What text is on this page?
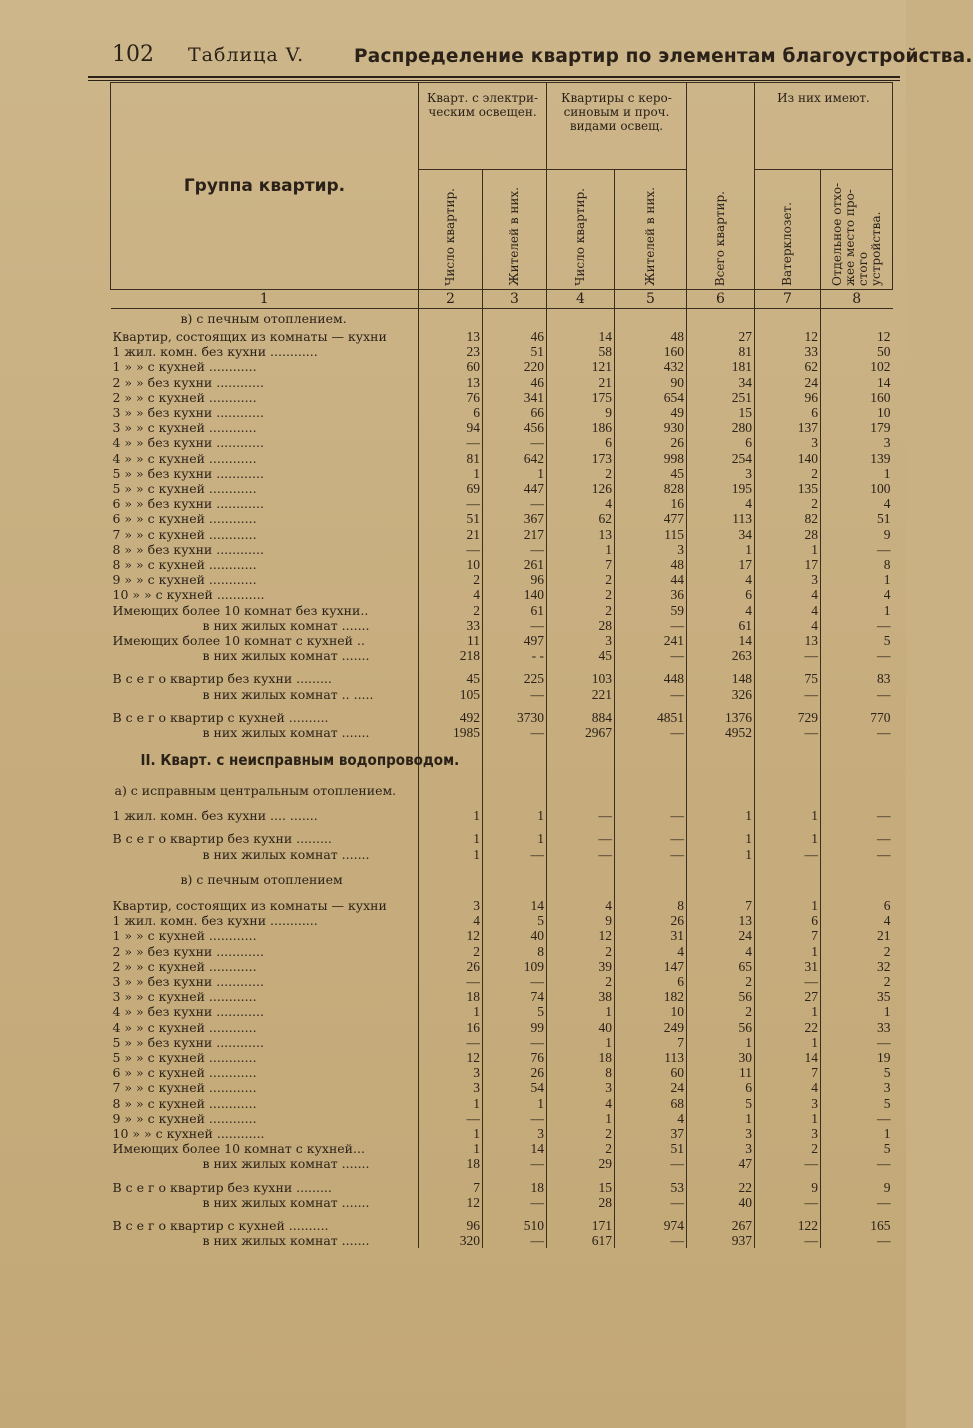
102 Таблица V.	Распределение квартир по элементам благоустройства.
Группа квартир.	Кварт. с электри-ческим освещен.		Квартиры с керо-синовым и проч. видами освещ.		Всего квартир.	Из них имеют.	
	Число квартир.	Жителей в них.	Число квартир.	Жителей в них.		Ватерклозет.	Отдельное отхо-жее место про-стого устройства.
1	2	3	4	5	6	7	8
в) с печным отоплением.							
Квартир, состоящих из комнаты — кухни	13	46	14	48	27	12	12
1 жил. комн. без кухни ............	23	51	58	160	81	33	50
1 » » с кухней ............	60	220	121	432	181	62	102
2 » » без кухни ............	13	46	21	90	34	24	14
2 » » с кухней ............	76	341	175	654	251	96	160
3 » » без кухни ............	6	66	9	49	15	6	10
3 » » с кухней ............	94	456	186	930	280	137	179
4 » » без кухни ............	—	—	6	26	6	3	3
4 » » с кухней ............	81	642	173	998	254	140	139
5 » » без кухни ............	1	1	2	45	3	2	1
5 » » с кухней ............	69	447	126	828	195	135	100
6 » » без кухни ............	—	—	4	16	4	2	4
6 » » с кухней ............	51	367	62	477	113	82	51
7 » » с кухней ............	21	217	13	115	34	28	9
8 » » без кухни ............	—	—	1	3	1	1	—
8 » » с кухней ............	10	261	7	48	17	17	8
9 » » с кухней ............	2	96	2	44	4	3	1
10 » » с кухней ............	4	140	2	36	6	4	4
Имеющих более 10 комнат без кухни..	2	61	2	59	4	4	1
в них жилых комнат .......	33	—	28	—	61	4	—
Имеющих более 10 комнат с кухней ..	11	497	3	241	14	13	5
в них жилых комнат .......	218	- -	45	—	263	—	—

В с е г о квартир без кухни .........	45	225	103	448	148	75	83
в них жилых комнат .. .....	105	—	221	—	326	—	—

В с е г о квартир с кухней ..........	492	3730	884	4851	1376	729	770
в них жилых комнат .......	1985	—	2967	—	4952	—	—

II. Кварт. с неисправным водопроводом.							

а) с исправным центральным отоплением.							

1 жил. комн. без кухни .... .......	1	1	—	—	1	1	—

В с е г о квартир без кухни .........	1	1	—	—	1	1	—
в них жилых комнат .......	1	—	—	—	1	—	—

в) с печным отоплением							

Квартир, состоящих из комнаты — кухни	3	14	4	8	7	1	6
1 жил. комн. без кухни ............	4	5	9	26	13	6	4
1 » » с кухней ............	12	40	12	31	24	7	21
2 » » без кухни ............	2	8	2	4	4	1	2
2 » » с кухней ............	26	109	39	147	65	31	32
3 » » без кухни ............	—	—	2	6	2	—	2
3 » » с кухней ............	18	74	38	182	56	27	35
4 » » без кухни ............	1	5	1	10	2	1	1
4 » » с кухней ............	16	99	40	249	56	22	33
5 » » без кухни ............	—	—	1	7	1	1	—
5 » » с кухней ............	12	76	18	113	30	14	19
6 » » с кухней ............	3	26	8	60	11	7	5
7 » » с кухней ............	3	54	3	24	6	4	3
8 » » с кухней ............	1	1	4	68	5	3	5
9 » » с кухней ............	—	—	1	4	1	1	—
10 » » с кухней ............	1	3	2	37	3	3	1
Имеющих более 10 комнат с кухней...	1	14	2	51	3	2	5
в них жилых комнат .......	18	—	29	—	47	—	—

В с е г о квартир без кухни .........	7	18	15	53	22	9	9
в них жилых комнат .......	12	—	28	—	40	—	—

В с е г о квартир с кухней ..........	96	510	171	974	267	122	165
в них жилых комнат .......	320	—	617	—	937	—	—
